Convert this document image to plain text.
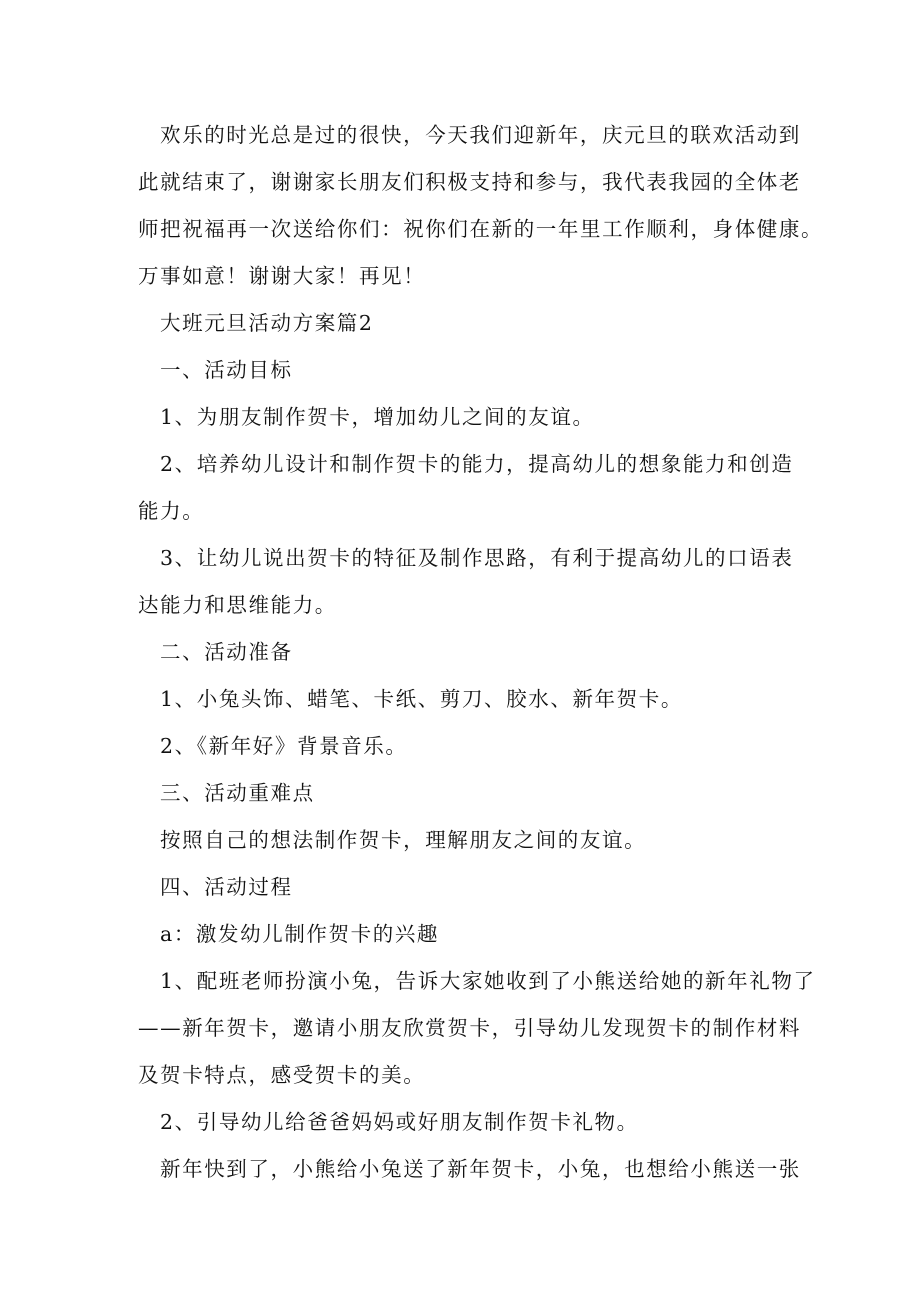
欢乐的时光总是过的很快，今天我们迎新年，庆元旦的联欢活动到
此就结束了，谢谢家长朋友们积极支持和参与，我代表我园的全体老
师把祝福再一次送给你们：祝你们在新的一年里工作顺利，身体健康。
万事如意！谢谢大家！再见！
大班元旦活动方案篇2
一、活动目标
1、为朋友制作贺卡，增加幼儿之间的友谊。
2、培养幼儿设计和制作贺卡的能力，提高幼儿的想象能力和创造
能力。
3、让幼儿说出贺卡的特征及制作思路，有利于提高幼儿的口语表
达能力和思维能力。
二、活动准备
1、小兔头饰、蜡笔、卡纸、剪刀、胶水、新年贺卡。
2、《新年好》背景音乐。
三、活动重难点
按照自己的想法制作贺卡，理解朋友之间的友谊。
四、活动过程
a：激发幼儿制作贺卡的兴趣
1、配班老师扮演小兔，告诉大家她收到了小熊送给她的新年礼物了
——新年贺卡，邀请小朋友欣赏贺卡，引导幼儿发现贺卡的制作材料
及贺卡特点，感受贺卡的美。
2、引导幼儿给爸爸妈妈或好朋友制作贺卡礼物。
新年快到了，小熊给小兔送了新年贺卡，小兔，也想给小熊送一张
